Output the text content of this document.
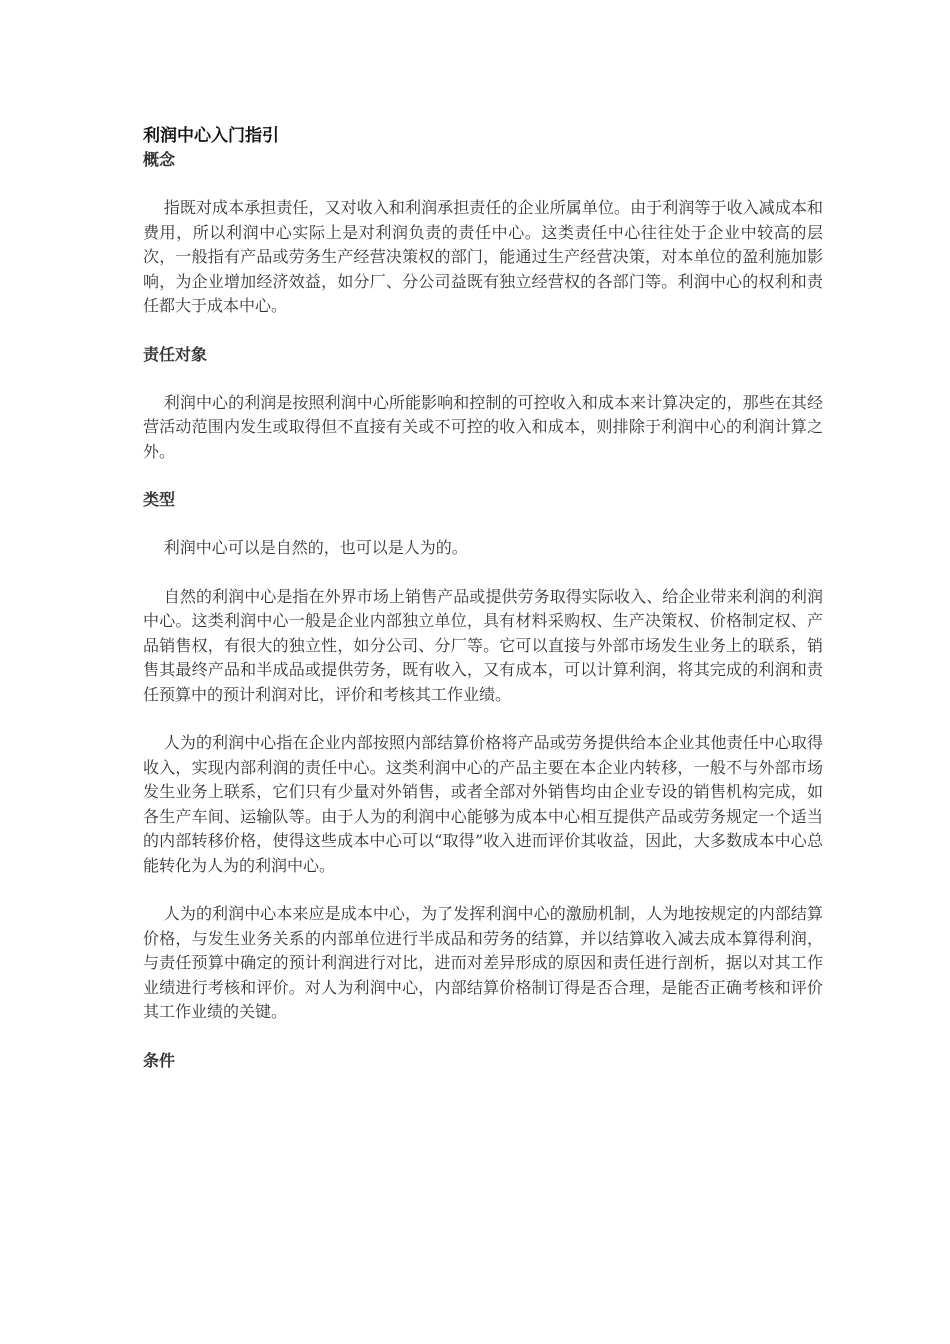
利润中心入门指引
概念

指既对成本承担责任，又对收入和利润承担责任的企业所属单位。由于利润等于收入减成本和费用，所以利润中心实际上是对利润负责的责任中心。这类责任中心往往处于企业中较高的层次，一般指有产品或劳务生产经营决策权的部门，能通过生产经营决策，对本单位的盈利施加影响，为企业增加经济效益，如分厂、分公司益既有独立经营权的各部门等。利润中心的权利和责任都大于成本中心。

责任对象

利润中心的利润是按照利润中心所能影响和控制的可控收入和成本来计算决定的，那些在其经营活动范围内发生或取得但不直接有关或不可控的收入和成本，则排除于利润中心的利润计算之外。

类型

利润中心可以是自然的，也可以是人为的。

自然的利润中心是指在外界市场上销售产品或提供劳务取得实际收入、给企业带来利润的利润中心。这类利润中心一般是企业内部独立单位，具有材料采购权、生产决策权、价格制定权、产品销售权，有很大的独立性，如分公司、分厂等。它可以直接与外部市场发生业务上的联系，销售其最终产品和半成品或提供劳务，既有收入，又有成本，可以计算利润，将其完成的利润和责任预算中的预计利润对比，评价和考核其工作业绩。

人为的利润中心指在企业内部按照内部结算价格将产品或劳务提供给本企业其他责任中心取得收入，实现内部利润的责任中心。这类利润中心的产品主要在本企业内转移，一般不与外部市场发生业务上联系，它们只有少量对外销售，或者全部对外销售均由企业专设的销售机构完成，如各生产车间、运输队等。由于人为的利润中心能够为成本中心相互提供产品或劳务规定一个适当的内部转移价格，使得这些成本中心可以“取得”收入进而评价其收益，因此，大多数成本中心总能转化为人为的利润中心。

人为的利润中心本来应是成本中心，为了发挥利润中心的激励机制，人为地按规定的内部结算价格，与发生业务关系的内部单位进行半成品和劳务的结算，并以结算收入减去成本算得利润，与责任预算中确定的预计利润进行对比，进而对差异形成的原因和责任进行剖析，据以对其工作业绩进行考核和评价。对人为利润中心，内部结算价格制订得是否合理，是能否正确考核和评价其工作业绩的关键。

条件
